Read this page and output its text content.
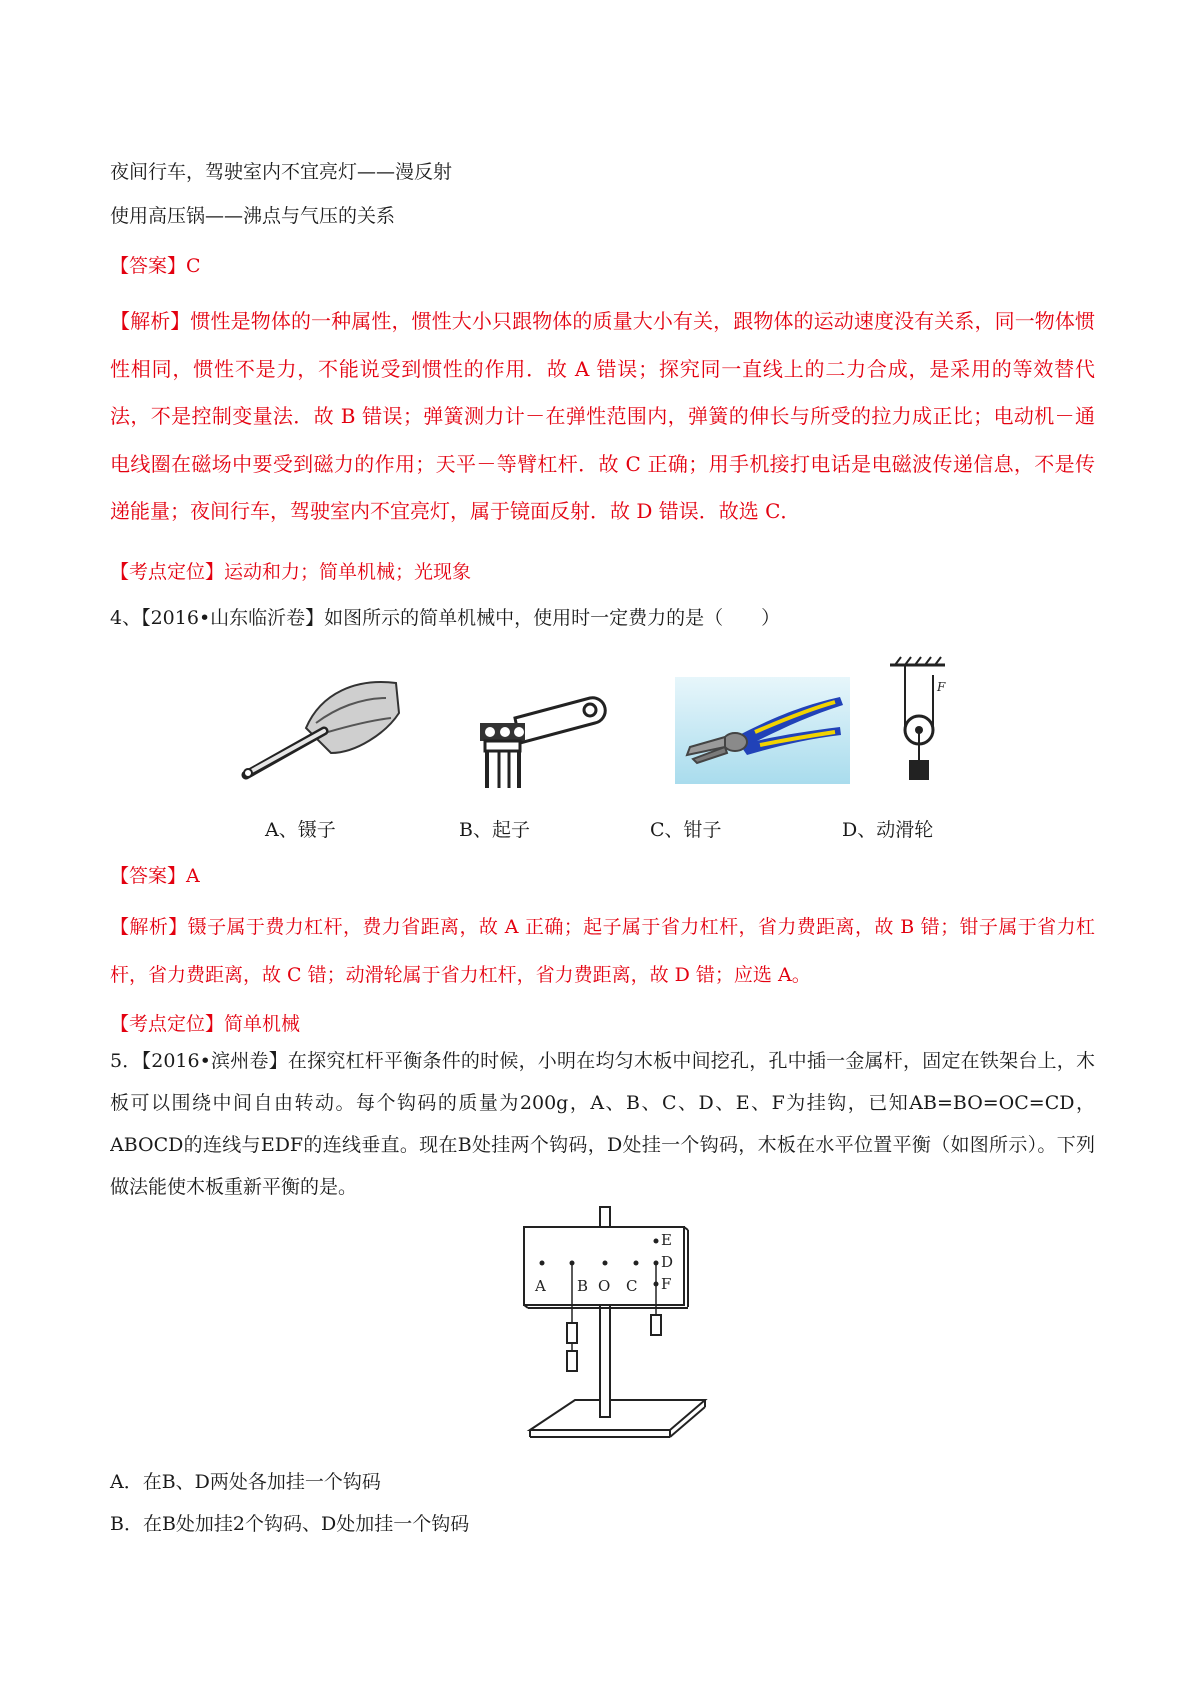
夜间行车，驾驶室内不宜亮灯——漫反射
使用高压锅——沸点与气压的关系
【答案】C
【解析】惯性是物体的一种属性，惯性大小只跟物体的质量大小有关，跟物体的运动速度没有关系，同一物体惯性相同，惯性不是力，不能说受到惯性的作用．故 A 错误；探究同一直线上的二力合成，是采用的等效替代法，不是控制变量法．故 B 错误；弹簧测力计－在弹性范围内，弹簧的伸长与所受的拉力成正比；电动机－通电线圈在磁场中要受到磁力的作用；天平－等臂杠杆．故 C 正确；用手机接打电话是电磁波传递信息，不是传递能量；夜间行车，驾驶室内不宜亮灯，属于镜面反射．故 D 错误．故选 C．
【考点定位】运动和力；简单机械；光现象
4、【2016•山东临沂卷】如图所示的简单机械中，使用时一定费力的是（　　）
F
A、镊子	B、起子	C、钳子	D、动滑轮
【答案】A
【解析】镊子属于费力杠杆，费力省距离，故 A 正确；起子属于省力杠杆，省力费距离，故 B 错；钳子属于省力杠杆，省力费距离，故 C 错；动滑轮属于省力杠杆，省力费距离，故 D 错；应选 A。
【考点定位】简单机械
5．【2016•滨州卷】在探究杠杆平衡条件的时候，小明在均匀木板中间挖孔，孔中插一金属杆，固定在铁架台上，木板可以围绕中间自由转动。每个钩码的质量为200g，A、B、C、D、E、F为挂钩，已知AB=BO=OC=CD，ABOCD的连线与EDF的连线垂直。现在B处挂两个钩码，D处挂一个钩码，木板在水平位置平衡（如图所示）。下列做法能使木板重新平衡的是。
A B O C
E
D
F
A．在B、D两处各加挂一个钩码
B．在B处加挂2个钩码、D处加挂一个钩码
